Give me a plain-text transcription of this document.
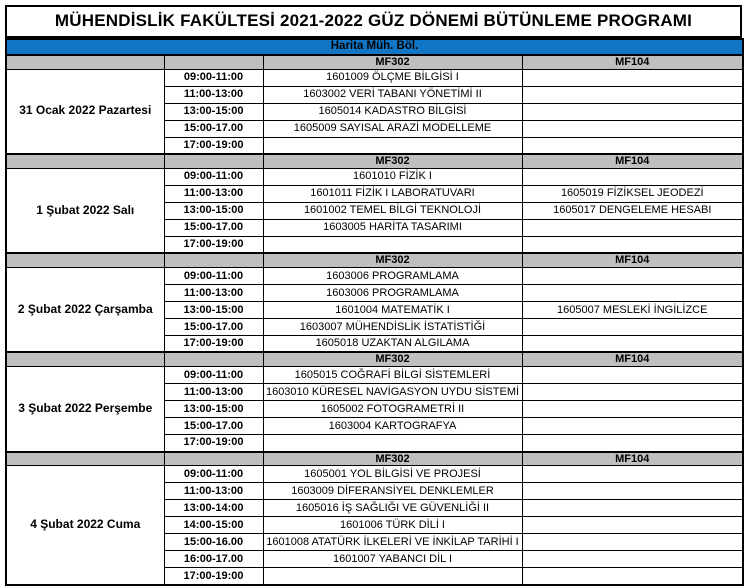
MÜHENDİSLİK FAKÜLTESİ 2021-2022 GÜZ DÖNEMİ BÜTÜNLEME PROGRAMI
Harita Müh. Böl.			
		MF302	MF104
31 Ocak 2022 Pazartesi	09:00-11:00	1601009 ÖLÇME BİLGİSİ I	
	11:00-13:00	1603002 VERİ TABANI YÖNETİMİ II	
	13:00-15:00	1605014 KADASTRO BİLGİSİ	
	15:00-17.00	1605009 SAYISAL ARAZİ MODELLEME	
	17:00-19:00		
		MF302	MF104
1 Şubat 2022 Salı	09:00-11:00	1601010 FİZİK I	
	11:00-13:00	1601011 FİZİK I LABORATUVARI	1605019 FİZİKSEL JEODEZİ
	13:00-15:00	1601002 TEMEL BİLGİ TEKNOLOJİ	1605017 DENGELEME HESABI
	15:00-17.00	1603005 HARİTA TASARIMI	
	17:00-19:00		
		MF302	MF104
2 Şubat 2022 Çarşamba	09:00-11:00	1603006 PROGRAMLAMA	
	11:00-13:00	1603006 PROGRAMLAMA	
	13:00-15:00	1601004 MATEMATİK I	1605007 MESLEKİ İNGİLİZCE
	15:00-17.00	1603007 MÜHENDİSLİK İSTATİSTİĞİ	
	17:00-19:00	1605018 UZAKTAN ALGILAMA	
		MF302	MF104
3 Şubat 2022 Perşembe	09:00-11:00	1605015 COĞRAFİ BİLGİ SİSTEMLERİ	
	11:00-13:00	1603010 KÜRESEL NAVİGASYON UYDU SİSTEMİ	
	13:00-15:00	1605002 FOTOGRAMETRİ II	
	15:00-17.00	1603004 KARTOGRAFYA	
	17:00-19:00		
		MF302	MF104
4 Şubat 2022 Cuma	09:00-11:00	1605001 YOL BİLGİSİ VE PROJESİ	
	11:00-13:00	1603009 DİFERANSİYEL DENKLEMLER	
	13:00-14:00	1605016 İŞ SAĞLIĞI VE GÜVENLİĞİ II	
	14:00-15:00	1601006 TÜRK DİLİ I	
	15:00-16.00	1601008 ATATÜRK İLKELERİ VE İNKİLAP TARİHİ I	
	16:00-17.00	1601007 YABANCI DİL I	
	17:00-19:00		
